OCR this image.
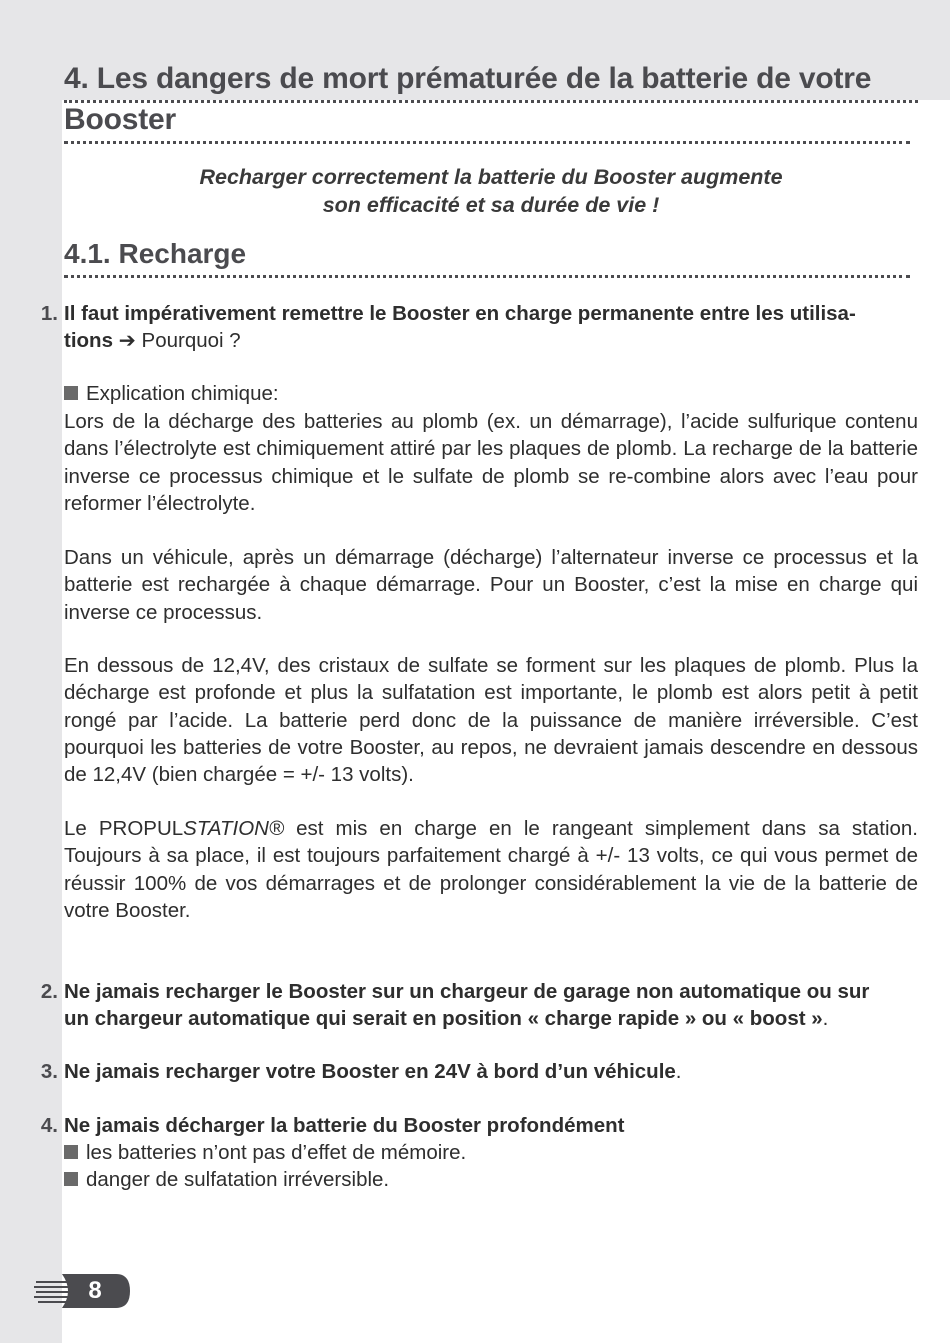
4. Les dangers de mort prématurée de la batterie de votre
Booster
Recharger correctement la batterie du Booster augmente
son efficacité et sa durée de vie !
4.1. Recharge
1. Il faut impérativement remettre le Booster en charge permanente entre les utilisa-
tions ➔ Pourquoi ?
Explication chimique:
Lors de la décharge des batteries au plomb (ex. un démarrage), l’acide sulfurique contenu dans l’électrolyte est chimiquement attiré par les plaques de plomb. La recharge de la batterie inverse ce processus chimique et le sulfate de plomb se re-combine alors avec l’eau pour reformer l’électrolyte.
Dans un véhicule, après un démarrage (décharge) l’alternateur inverse ce processus et la batterie est rechargée à chaque démarrage. Pour un Booster, c’est la mise en charge qui inverse ce processus.
En dessous de 12,4V, des cristaux de sulfate se forment sur les plaques de plomb. Plus la décharge est profonde et plus la sulfatation est importante, le plomb est alors petit à petit rongé par l’acide. La batterie perd donc de la puissance de manière irréversible. C’est pourquoi les batteries de votre Booster, au repos, ne devraient jamais descendre en dessous de 12,4V (bien chargée = +/- 13 volts).
Le PROPULSTATION® est mis en charge en le rangeant simplement dans sa station. Toujours à sa place, il est toujours parfaitement chargé à +/- 13 volts, ce qui vous permet de réussir 100% de vos démarrages et de prolonger considérablement la vie de la batterie de votre Booster.
2. Ne jamais recharger le Booster sur un chargeur de garage non automatique ou sur
un chargeur automatique qui serait en position « charge rapide » ou « boost ».
3. Ne jamais recharger votre Booster en 24V à bord d’un véhicule.
4. Ne jamais décharger la batterie du Booster profondément
les batteries n’ont pas d’effet de mémoire.
danger de sulfatation irréversible.
8
